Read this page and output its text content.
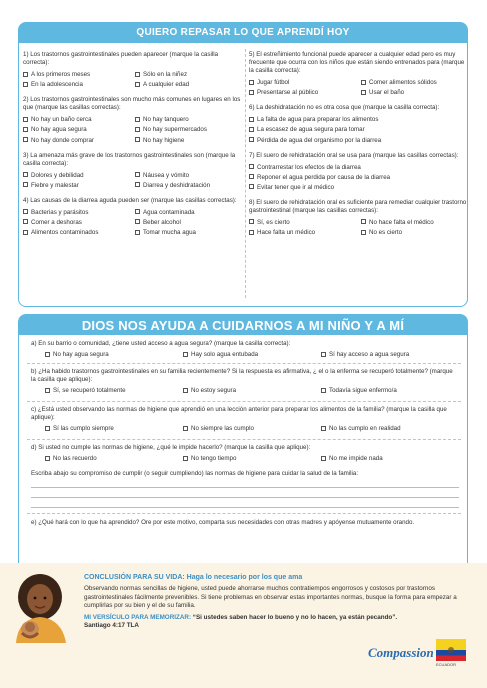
QUIERO REPASAR LO QUE APRENDÍ HOY
1) Los trastornos gastrointestinales pueden aparecer (marque la casilla correcta):
A los primeros meses	Sólo en la niñez
En la adolescencia	A cualquier edad
2) Los trastornos gastrointestinales son mucho más comunes en lugares en los que (marque las casillas correctas):
No hay un baño cerca	No hay tanquero
No hay agua segura	No hay supermercados
No hay donde comprar	No hay higiene
3) La amenaza más grave de los trastornos gastrointestinales son (marque la casilla correcta):
Dolores y debilidad	Náusea y vómito
Fiebre y malestar	Diarrea y deshidratación
4) Las causas de la diarrea aguda pueden ser (marque las casillas correctas):
Bacterias y parásitos	Agua contaminada
Comer a deshoras	Beber alcohol
Alimentos contaminados	Tomar mucha agua
5) El estreñimiento funcional puede aparecer a cualquier edad pero es muy frecuente que ocurra con los niños que están siendo entrenados para (marque la casilla correcta):
Jugar fútbol	Comer alimentos sólidos
Presentarse al público	Usar el baño
6) La deshidratación no es otra cosa que (marque la casilla correcta):
La falta de agua para preparar los alimentos
La escasez de agua segura para tomar
Pérdida de agua del organismo por la diarrea
7) El suero de rehidratación oral se usa para (marque las casillas correctas):
Contrarrestar los efectos de la diarrea
Reponer el agua perdida por causa de la diarrea
Evitar tener que ir al médico
8) El suero de rehidratación oral es suficiente para remediar cualquier trastorno gastrointestinal (marque las casillas correctas):
Sí, es cierto	No hace falta el médico
Hace falta un médico	No es cierto
DIOS NOS AYUDA A CUIDARNOS A MI NIÑO Y A MÍ
a) En su barrio o comunidad, ¿tiene usted acceso a agua segura? (marque la casilla correcta):
No hay agua segura	Hay solo agua entubada	Sí hay acceso a agua segura
b) ¿Ha habido trastornos gastrointestinales en su familia recientemente? Si la respuesta es afirmativa, ¿ el o la enferma se recuperó totalmente? (marque la casilla que aplique):
Sí, se recuperó totalmente	No estoy segura	Todavía sigue enfermo/a
c) ¿Está usted observando las normas de higiene que aprendió en una lección anterior para preparar los alimentos de la familia? (marque la casilla que aplique):
Sí las cumplo siempre	No siempre las cumplo	No las cumplo en realidad
d) Si usted no cumple las normas de higiene, ¿qué le impide hacerlo? (marque la casilla que aplique):
No las recuerdo	No tengo tiempo	No me impide nada
Escriba abajo su compromiso de cumplir (o seguir cumpliendo) las normas de higiene para cuidar la salud de la familia:
e) ¿Qué hará con lo que ha aprendido? Ore por este motivo, comparta sus necesidades con otras madres y apóyense mutuamente orando.
CONCLUSIÓN PARA SU VIDA: Haga lo necesario por los que ama
Observando normas sencillas de higiene, usted puede ahorrarse muchos contratiempos engorrosos y costosos por trastornos gastrointestinales fácilmente prevenibles. Si tiene problemas en observar estas importantes normas, busque la forma para empezar a cumplirlas por su bien y el de su familia.
MI VERSÍCULO PARA MEMORIZAR: “Si ustedes saben hacer lo bueno y no lo hacen, ya están pecando”.
Santiago 4:17 TLA
Compassion
ECUADOR
